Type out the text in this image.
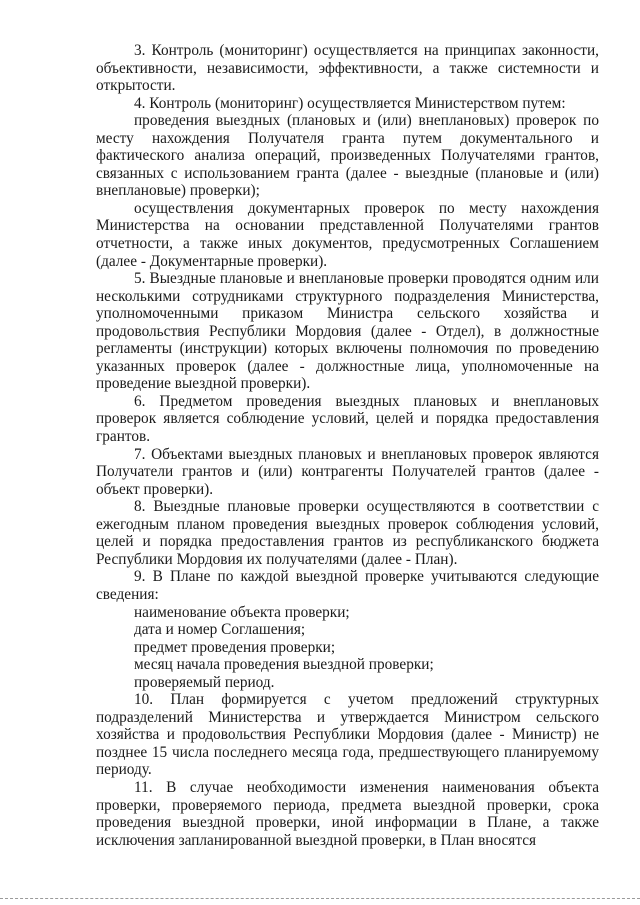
3. Контроль (мониторинг) осуществляется на принципах законности, объективности, независимости, эффективности, а также системности и открытости.

4. Контроль (мониторинг) осуществляется Министерством путем:

проведения выездных (плановых и (или) внеплановых) проверок по месту нахождения Получателя гранта путем документального и фактического анализа операций, произведенных Получателями грантов, связанных с использованием гранта (далее - выездные (плановые и (или) внеплановые) проверки);

осуществления документарных проверок по месту нахождения Министерства на основании представленной Получателями грантов отчетности, а также иных документов, предусмотренных Соглашением (далее - Документарные проверки).

5. Выездные плановые и внеплановые проверки проводятся одним или несколькими сотрудниками структурного подразделения Министерства, уполномоченными приказом Министра сельского хозяйства и продовольствия Республики Мордовия (далее - Отдел), в должностные регламенты (инструкции) которых включены полномочия по проведению указанных проверок (далее - должностные лица, уполномоченные на проведение выездной проверки).

6. Предметом проведения выездных плановых и внеплановых проверок является соблюдение условий, целей и порядка предоставления грантов.

7. Объектами выездных плановых и внеплановых проверок являются Получатели грантов и (или) контрагенты Получателей грантов (далее - объект проверки).

8. Выездные плановые проверки осуществляются в соответствии с ежегодным планом проведения выездных проверок соблюдения условий, целей и порядка предоставления грантов из республиканского бюджета Республики Мордовия их получателями (далее - План).

9. В Плане по каждой выездной проверке учитываются следующие сведения:

наименование объекта проверки;

дата и номер Соглашения;

предмет проведения проверки;

месяц начала проведения выездной проверки;

проверяемый период.

10. План формируется с учетом предложений структурных подразделений Министерства и утверждается Министром сельского хозяйства и продовольствия Республики Мордовия (далее - Министр) не позднее 15 числа последнего месяца года, предшествующего планируемому периоду.

11. В случае необходимости изменения наименования объекта проверки, проверяемого периода, предмета выездной проверки, срока проведения выездной проверки, иной информации в Плане, а также исключения запланированной выездной проверки, в План вносятся
